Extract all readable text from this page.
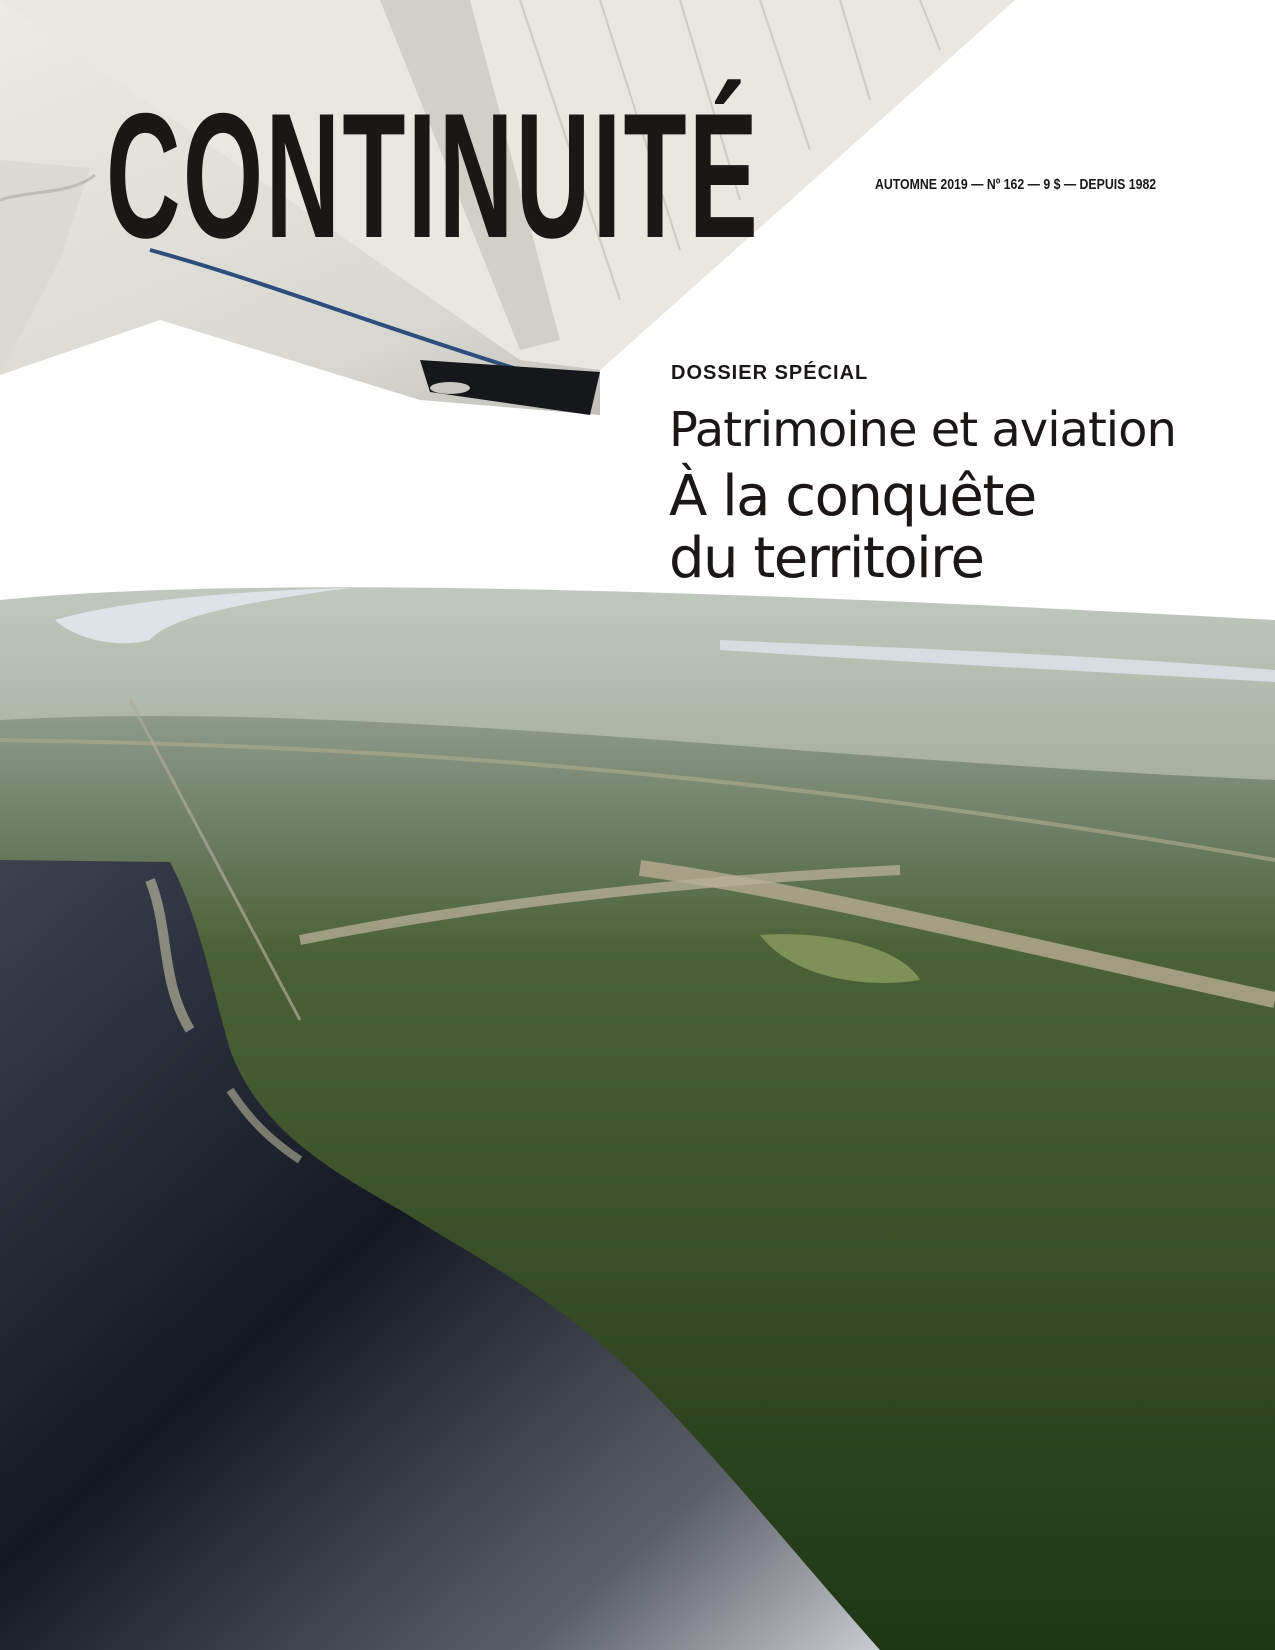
CONTINUITÉ	AUTOMNE 2019 — Nº 162 — 9 $ — DEPUIS 1982
DOSSIER SPÉCIAL
Patrimoine et aviation
À la conquête
du territoire
